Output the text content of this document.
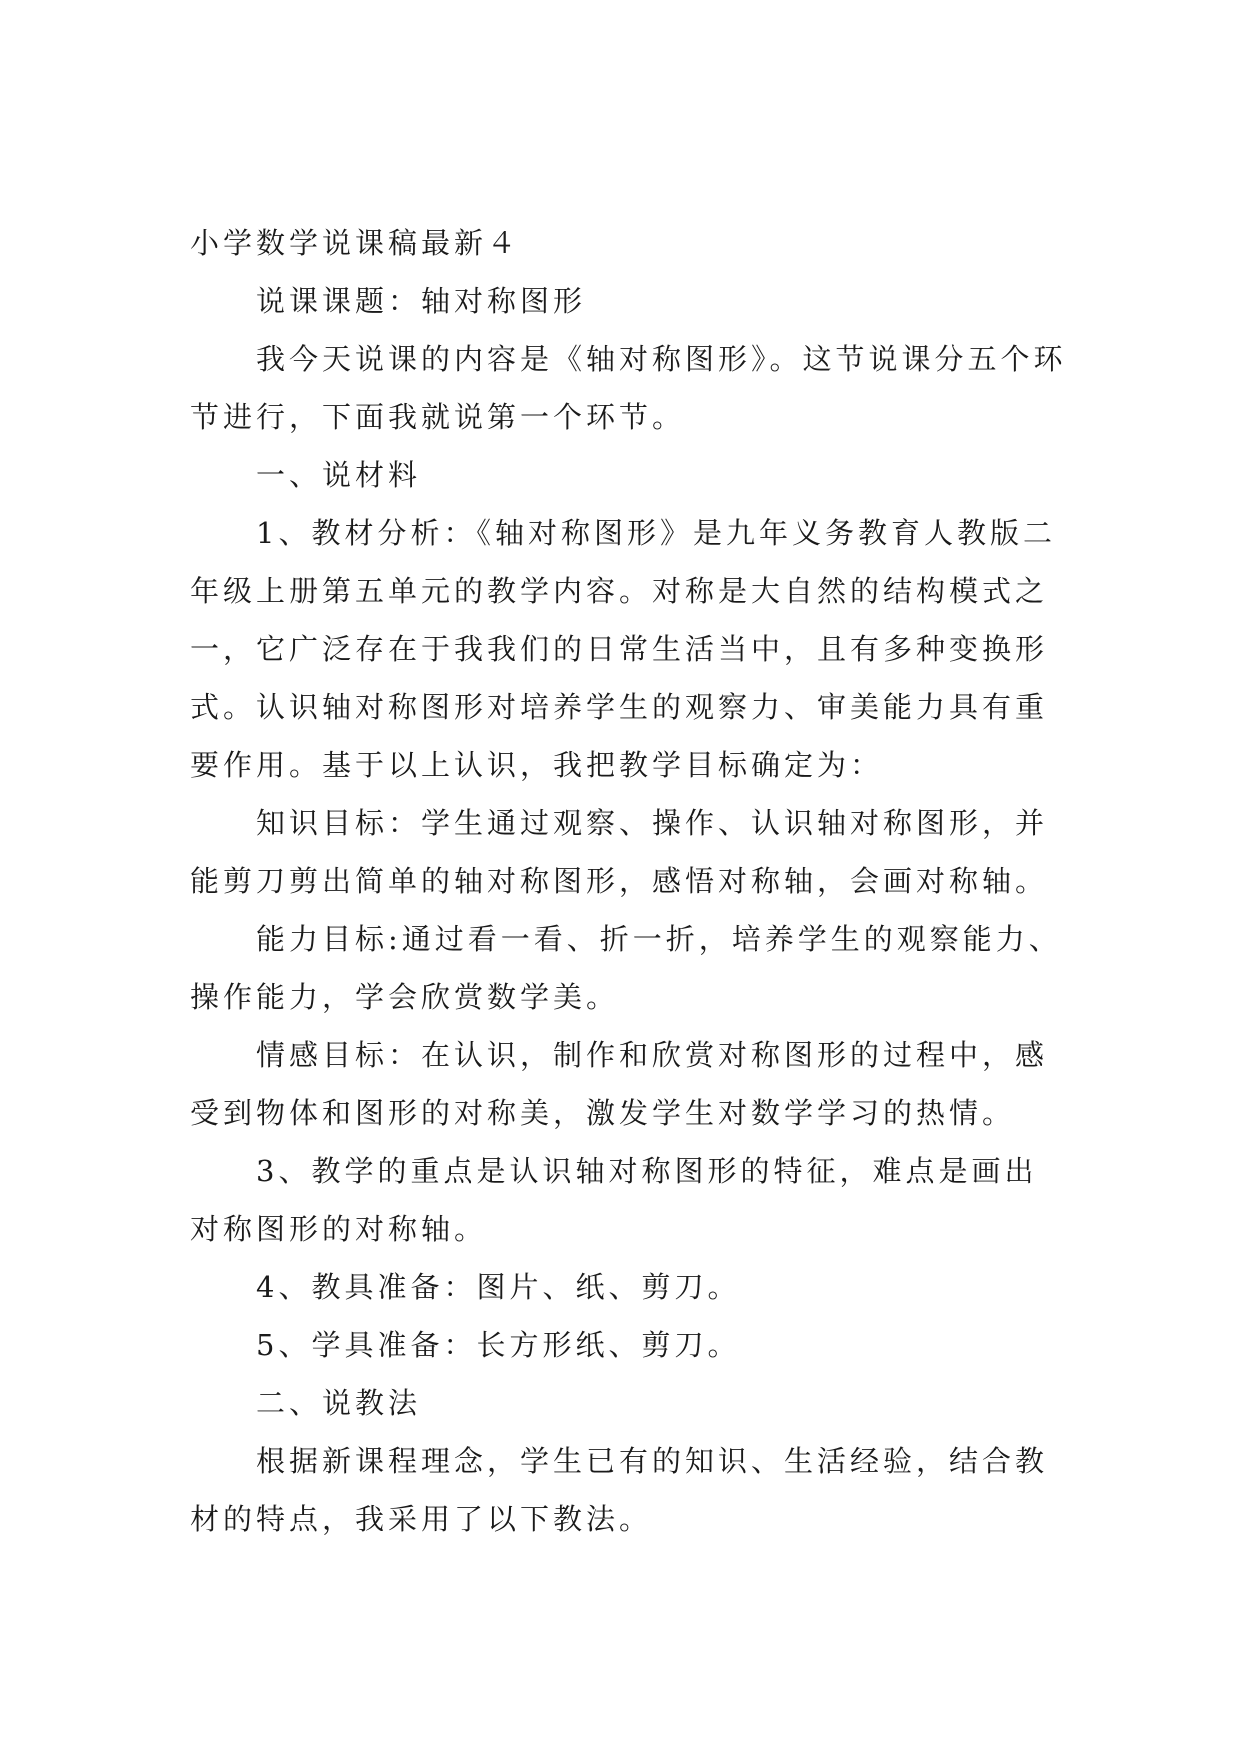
小学数学说课稿最新４

说课课题：轴对称图形

我今天说课的内容是《轴对称图形》。这节说课分五个环节进行，下面我就说第一个环节。

一、说材料

1、教材分析：《轴对称图形》是九年义务教育人教版二年级上册第五单元的教学内容。对称是大自然的结构模式之一，它广泛存在于我我们的日常生活当中，且有多种变换形式。认识轴对称图形对培养学生的观察力、审美能力具有重要作用。基于以上认识，我把教学目标确定为：

知识目标：学生通过观察、操作、认识轴对称图形，并能剪刀剪出简单的轴对称图形，感悟对称轴，会画对称轴。

能力目标:通过看一看、折一折，培养学生的观察能力、操作能力，学会欣赏数学美。

情感目标：在认识，制作和欣赏对称图形的过程中，感受到物体和图形的对称美，激发学生对数学学习的热情。

3、教学的重点是认识轴对称图形的特征，难点是画出对称图形的对称轴。

4、教具准备：图片、纸、剪刀。

5、学具准备：长方形纸、剪刀。

二、说教法

根据新课程理念，学生已有的知识、生活经验，结合教材的特点，我采用了以下教法。
